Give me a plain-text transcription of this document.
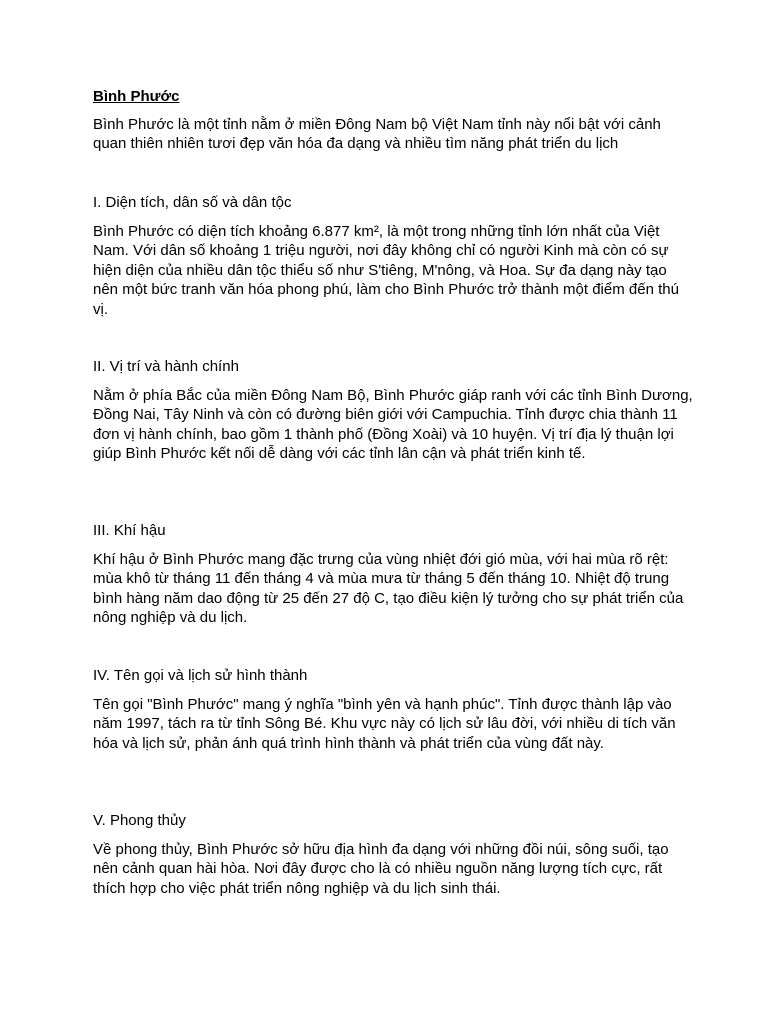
Bình Phước

Bình Phước là một tỉnh nằm ở miền Đông Nam bộ Việt Nam tỉnh này nổi bật với cảnh quan thiên nhiên tươi đẹp văn hóa đa dạng và nhiều tìm năng phát triển du lịch

I. Diện tích, dân số và dân tộc

Bình Phước có diện tích khoảng 6.877 km², là một trong những tỉnh lớn nhất của Việt Nam. Với dân số khoảng 1 triệu người, nơi đây không chỉ có người Kinh mà còn có sự hiện diện của nhiều dân tộc thiểu số như S'tiêng, M'nông, và Hoa. Sự đa dạng này tạo nên một bức tranh văn hóa phong phú, làm cho Bình Phước trở thành một điểm đến thú vị.

II. Vị trí và hành chính

Nằm ở phía Bắc của miền Đông Nam Bộ, Bình Phước giáp ranh với các tỉnh Bình Dương, Đồng Nai, Tây Ninh và còn có đường biên giới với Campuchia. Tỉnh được chia thành 11 đơn vị hành chính, bao gồm 1 thành phố (Đồng Xoài) và 10 huyện. Vị trí địa lý thuận lợi giúp Bình Phước kết nối dễ dàng với các tỉnh lân cận và phát triển kinh tế.

III. Khí hậu

Khí hậu ở Bình Phước mang đặc trưng của vùng nhiệt đới gió mùa, với hai mùa rõ rệt: mùa khô từ tháng 11 đến tháng 4 và mùa mưa từ tháng 5 đến tháng 10. Nhiệt độ trung bình hàng năm dao động từ 25 đến 27 độ C, tạo điều kiện lý tưởng cho sự phát triển của nông nghiệp và du lịch.

IV. Tên gọi và lịch sử hình thành

Tên gọi "Bình Phước" mang ý nghĩa "bình yên và hạnh phúc". Tỉnh được thành lập vào năm 1997, tách ra từ tỉnh Sông Bé. Khu vực này có lịch sử lâu đời, với nhiều di tích văn hóa và lịch sử, phản ánh quá trình hình thành và phát triển của vùng đất này.

V. Phong thủy

Về phong thủy, Bình Phước sở hữu địa hình đa dạng với những đồi núi, sông suối, tạo nên cảnh quan hài hòa. Nơi đây được cho là có nhiều nguồn năng lượng tích cực, rất thích hợp cho việc phát triển nông nghiệp và du lịch sinh thái.
